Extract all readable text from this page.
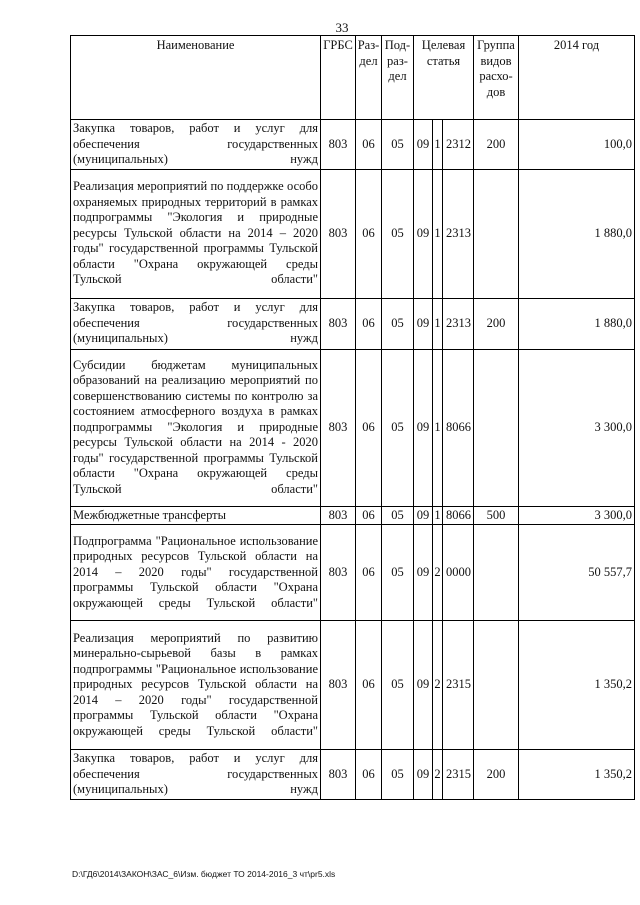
33
Наименование	ГРБС	Раз- дел	Под- раз- дел	Целевая статья			Группа видов расхо- дов	2014 год
Закупка товаров, работ и услуг для обеспечения государственных (муниципальных) нужд	803	06	05	09	1	2312	200	100,0
Реализация мероприятий по поддержке особо охраняемых природных территорий в рамках подпрограммы "Экология и природные ресурсы Тульской области на 2014 – 2020 годы" государственной программы Тульской области "Охрана окружающей среды Тульской области"	803	06	05	09	1	2313		1 880,0
Закупка товаров, работ и услуг для обеспечения государственных (муниципальных) нужд	803	06	05	09	1	2313	200	1 880,0
Субсидии бюджетам муниципальных образований на реализацию мероприятий по совершенствованию системы по контролю за состоянием атмосферного воздуха в рамках подпрограммы "Экология и природные ресурсы Тульской области на 2014 - 2020 годы" государственной программы Тульской области "Охрана окружающей среды Тульской области"	803	06	05	09	1	8066		3 300,0
Межбюджетные трансферты	803	06	05	09	1	8066	500	3 300,0
Подпрограмма "Рациональное использование природных ресурсов Тульской области на 2014 – 2020 годы" государственной программы Тульской области "Охрана окружающей среды Тульской области"	803	06	05	09	2	0000		50 557,7
Реализация мероприятий по развитию минерально-сырьевой базы в рамках подпрограммы "Рациональное использование природных ресурсов Тульской области на 2014 – 2020 годы" государственной программы Тульской области "Охрана окружающей среды Тульской области"	803	06	05	09	2	2315		1 350,2
Закупка товаров, работ и услуг для обеспечения государственных (муниципальных) нужд	803	06	05	09	2	2315	200	1 350,2
D:\ГД6\2014\ЗАКОН\ЗАС_6\Изм. бюджет ТО 2014-2016_3 чт\pr5.xls
